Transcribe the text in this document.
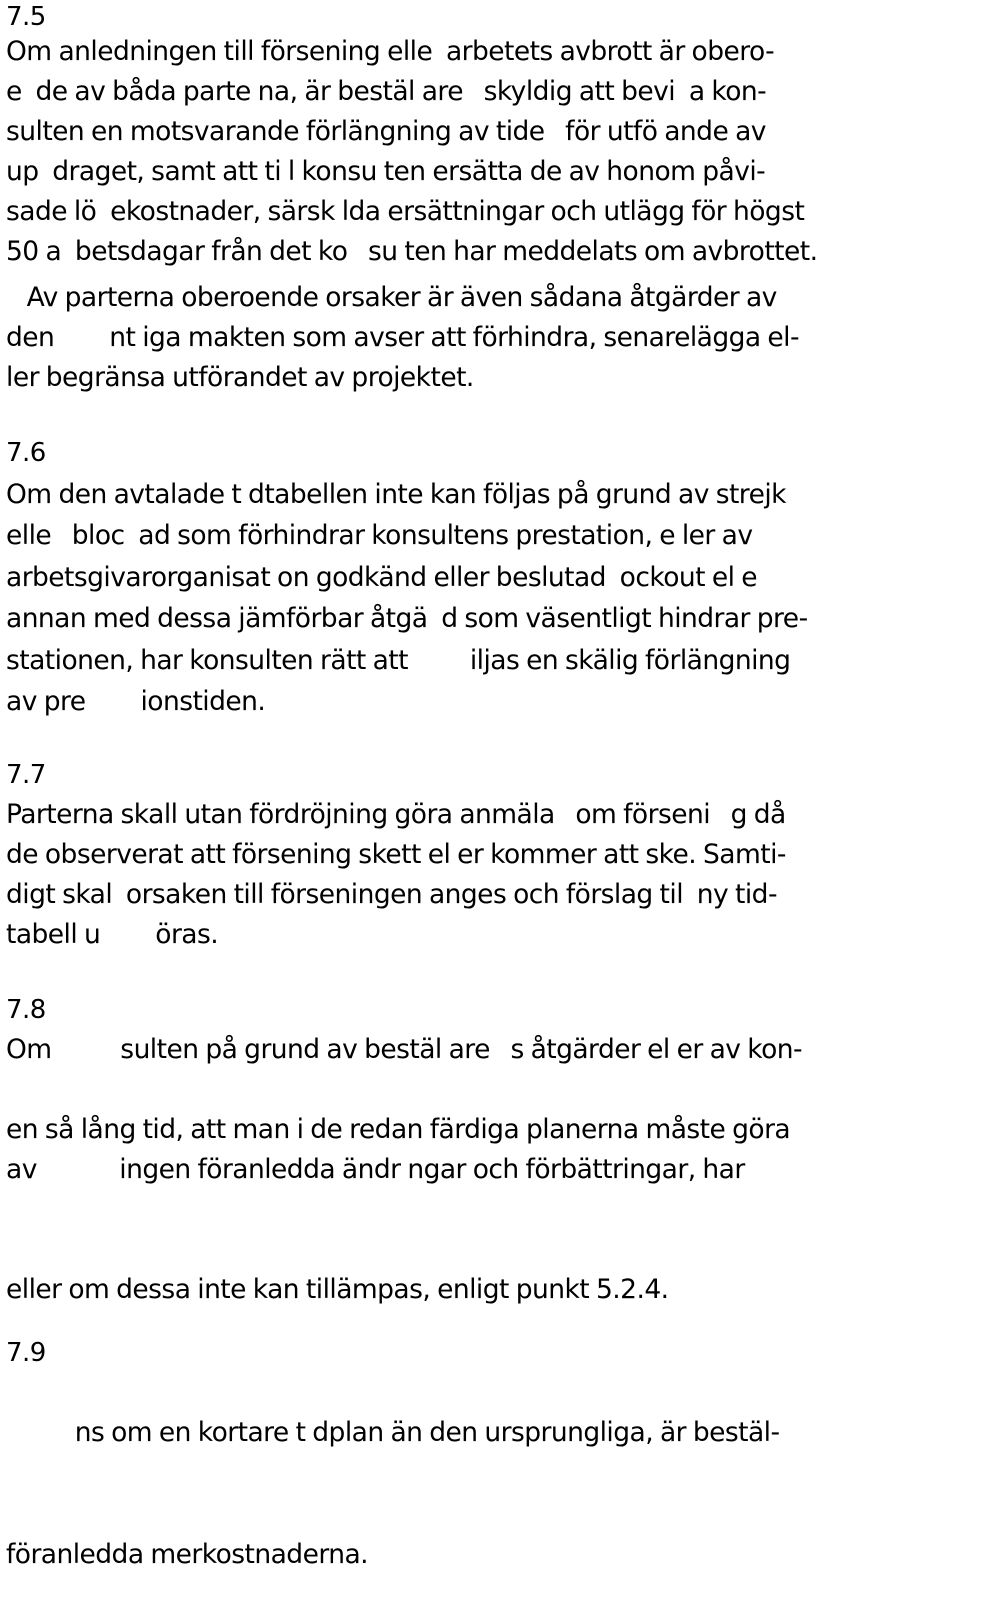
7.5
Om anledningen till försening elle  arbetets avbrott är obero-
e  de av båda parte na, är bestäl are   skyldig att bevi  a kon-
sulten en motsvarande förlängning av tide   för utfö ande av
up  draget, samt att ti l konsu ten ersätta de av honom påvi-
sade lö  ekostnader, särsk lda ersättningar och utlägg för högst
50 a  betsdagar från det ko   su ten har meddelats om avbrottet.
Av parterna oberoende orsaker är även sådana åtgärder av
den        nt iga makten som avser att förhindra, senarelägga el-
ler begränsa utförandet av projektet.
7.6
Om den avtalade t dtabellen inte kan följas på grund av strejk
elle   bloc  ad som förhindrar konsultens prestation, e ler av
arbetsgivarorganisat on godkänd eller beslutad  ockout el e
annan med dessa jämförbar åtgä  d som väsentligt hindrar pre-
stationen, har konsulten rätt att         iljas en skälig förlängning
av pre        ionstiden.
7.7
Parterna skall utan fördröjning göra anmäla   om förseni   g då
de observerat att försening skett el er kommer att ske. Samti-
digt skal  orsaken till förseningen anges och förslag til  ny tid-
tabell u        öras.
7.8
Om          sulten på grund av bestäl are   s åtgärder el er av kon-
en så lång tid, att man i de redan färdiga planerna måste göra
av            ingen föranledda ändr ngar och förbättringar, har
eller om dessa inte kan tillämpas, enligt punkt 5.2.4.
7.9
ns om en kortare t dplan än den ursprungliga, är bestäl-
föranledda merkostnaderna.
